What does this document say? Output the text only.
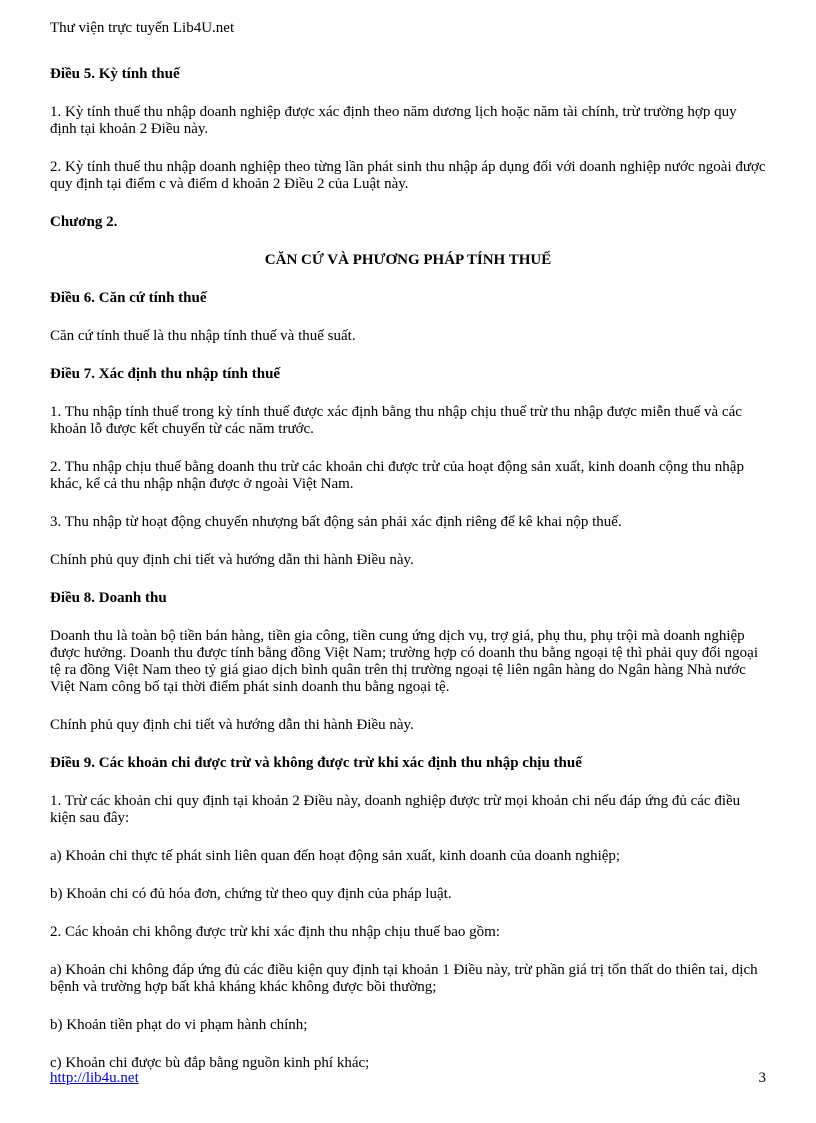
Thư viện trực tuyến Lib4U.net
Điều 5. Kỳ tính thuế
1. Kỳ tính thuế thu nhập doanh nghiệp được xác định theo năm dương lịch hoặc năm tài chính, trừ trường hợp quy định tại khoản 2 Điều này.
2. Kỳ tính thuế thu nhập doanh nghiệp theo từng lần phát sinh thu nhập áp dụng đối với doanh nghiệp nước ngoài được quy định tại điểm c và điểm d khoản 2 Điều 2 của Luật này.
Chương 2.
CĂN CỨ VÀ PHƯƠNG PHÁP TÍNH THUẾ
Điều 6. Căn cứ tính thuế
Căn cứ tính thuế là thu nhập tính thuế và thuế suất.
Điều 7. Xác định thu nhập tính thuế
1. Thu nhập tính thuế trong kỳ tính thuế được xác định bằng thu nhập chịu thuế trừ thu nhập được miễn thuế và các khoản lỗ được kết chuyển từ các năm trước.
2. Thu nhập chịu thuế bằng doanh thu trừ các khoản chi được trừ của hoạt động sản xuất, kinh doanh cộng thu nhập khác, kể cả thu nhập nhận được ở ngoài Việt Nam.
3. Thu nhập từ hoạt động chuyển nhượng bất động sản phải xác định riêng để kê khai nộp thuế.
Chính phủ quy định chi tiết và hướng dẫn thi hành Điều này.
Điều 8. Doanh thu
Doanh thu là toàn bộ tiền bán hàng, tiền gia công, tiền cung ứng dịch vụ, trợ giá, phụ thu, phụ trội mà doanh nghiệp được hưởng. Doanh thu được tính bằng đồng Việt Nam; trường hợp có doanh thu bằng ngoại tệ thì phải quy đổi ngoại tệ ra đồng Việt Nam theo tỷ giá giao dịch bình quân trên thị trường ngoại tệ liên ngân hàng do Ngân hàng Nhà nước Việt Nam công bố tại thời điểm phát sinh doanh thu bằng ngoại tệ.
Chính phủ quy định chi tiết và hướng dẫn thi hành Điều này.
Điều 9. Các khoản chi được trừ và không được trừ khi xác định thu nhập chịu thuế
1. Trừ các khoản chi quy định tại khoản 2 Điều này, doanh nghiệp được trừ mọi khoản chi nếu đáp ứng đủ các điều kiện sau đây:
a) Khoản chi thực tế phát sinh liên quan đến hoạt động sản xuất, kinh doanh của doanh nghiệp;
b) Khoản chi có đủ hóa đơn, chứng từ theo quy định của pháp luật.
2. Các khoản chi không được trừ khi xác định thu nhập chịu thuế bao gồm:
a) Khoản chi không đáp ứng đủ các điều kiện quy định tại khoản 1 Điều này, trừ phần giá trị tổn thất do thiên tai, dịch bệnh và trường hợp bất khả kháng khác không được bồi thường;
b) Khoản tiền phạt do vi phạm hành chính;
c) Khoản chi được bù đắp bằng nguồn kinh phí khác;
http://lib4u.net	3
